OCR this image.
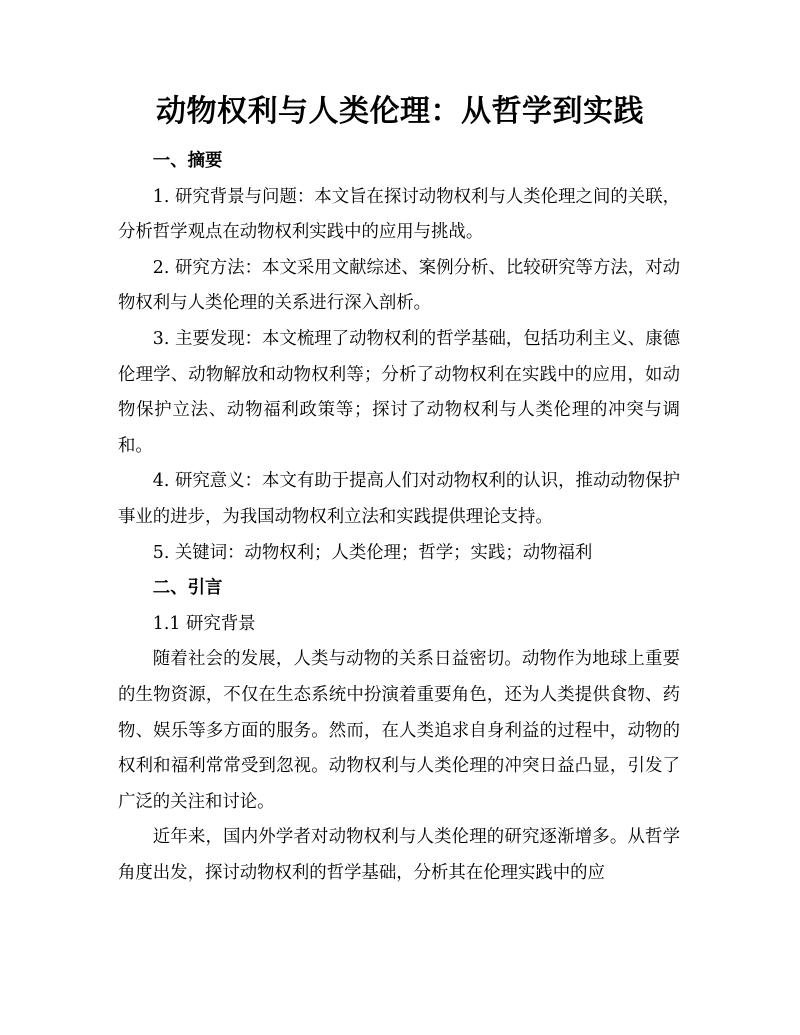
动物权利与人类伦理：从哲学到实践

一、摘要

1. 研究背景与问题：本文旨在探讨动物权利与人类伦理之间的关联，分析哲学观点在动物权利实践中的应用与挑战。

2. 研究方法：本文采用文献综述、案例分析、比较研究等方法，对动物权利与人类伦理的关系进行深入剖析。

3. 主要发现：本文梳理了动物权利的哲学基础，包括功利主义、康德伦理学、动物解放和动物权利等；分析了动物权利在实践中的应用，如动物保护立法、动物福利政策等；探讨了动物权利与人类伦理的冲突与调和。

4. 研究意义：本文有助于提高人们对动物权利的认识，推动动物保护事业的进步，为我国动物权利立法和实践提供理论支持。

5. 关键词：动物权利；人类伦理；哲学；实践；动物福利

二、引言

1.1 研究背景

随着社会的发展，人类与动物的关系日益密切。动物作为地球上重要的生物资源，不仅在生态系统中扮演着重要角色，还为人类提供食物、药物、娱乐等多方面的服务。然而，在人类追求自身利益的过程中，动物的权利和福利常常受到忽视。动物权利与人类伦理的冲突日益凸显，引发了广泛的关注和讨论。

近年来，国内外学者对动物权利与人类伦理的研究逐渐增多。从哲学角度出发，探讨动物权利的哲学基础，分析其在伦理实践中的应
